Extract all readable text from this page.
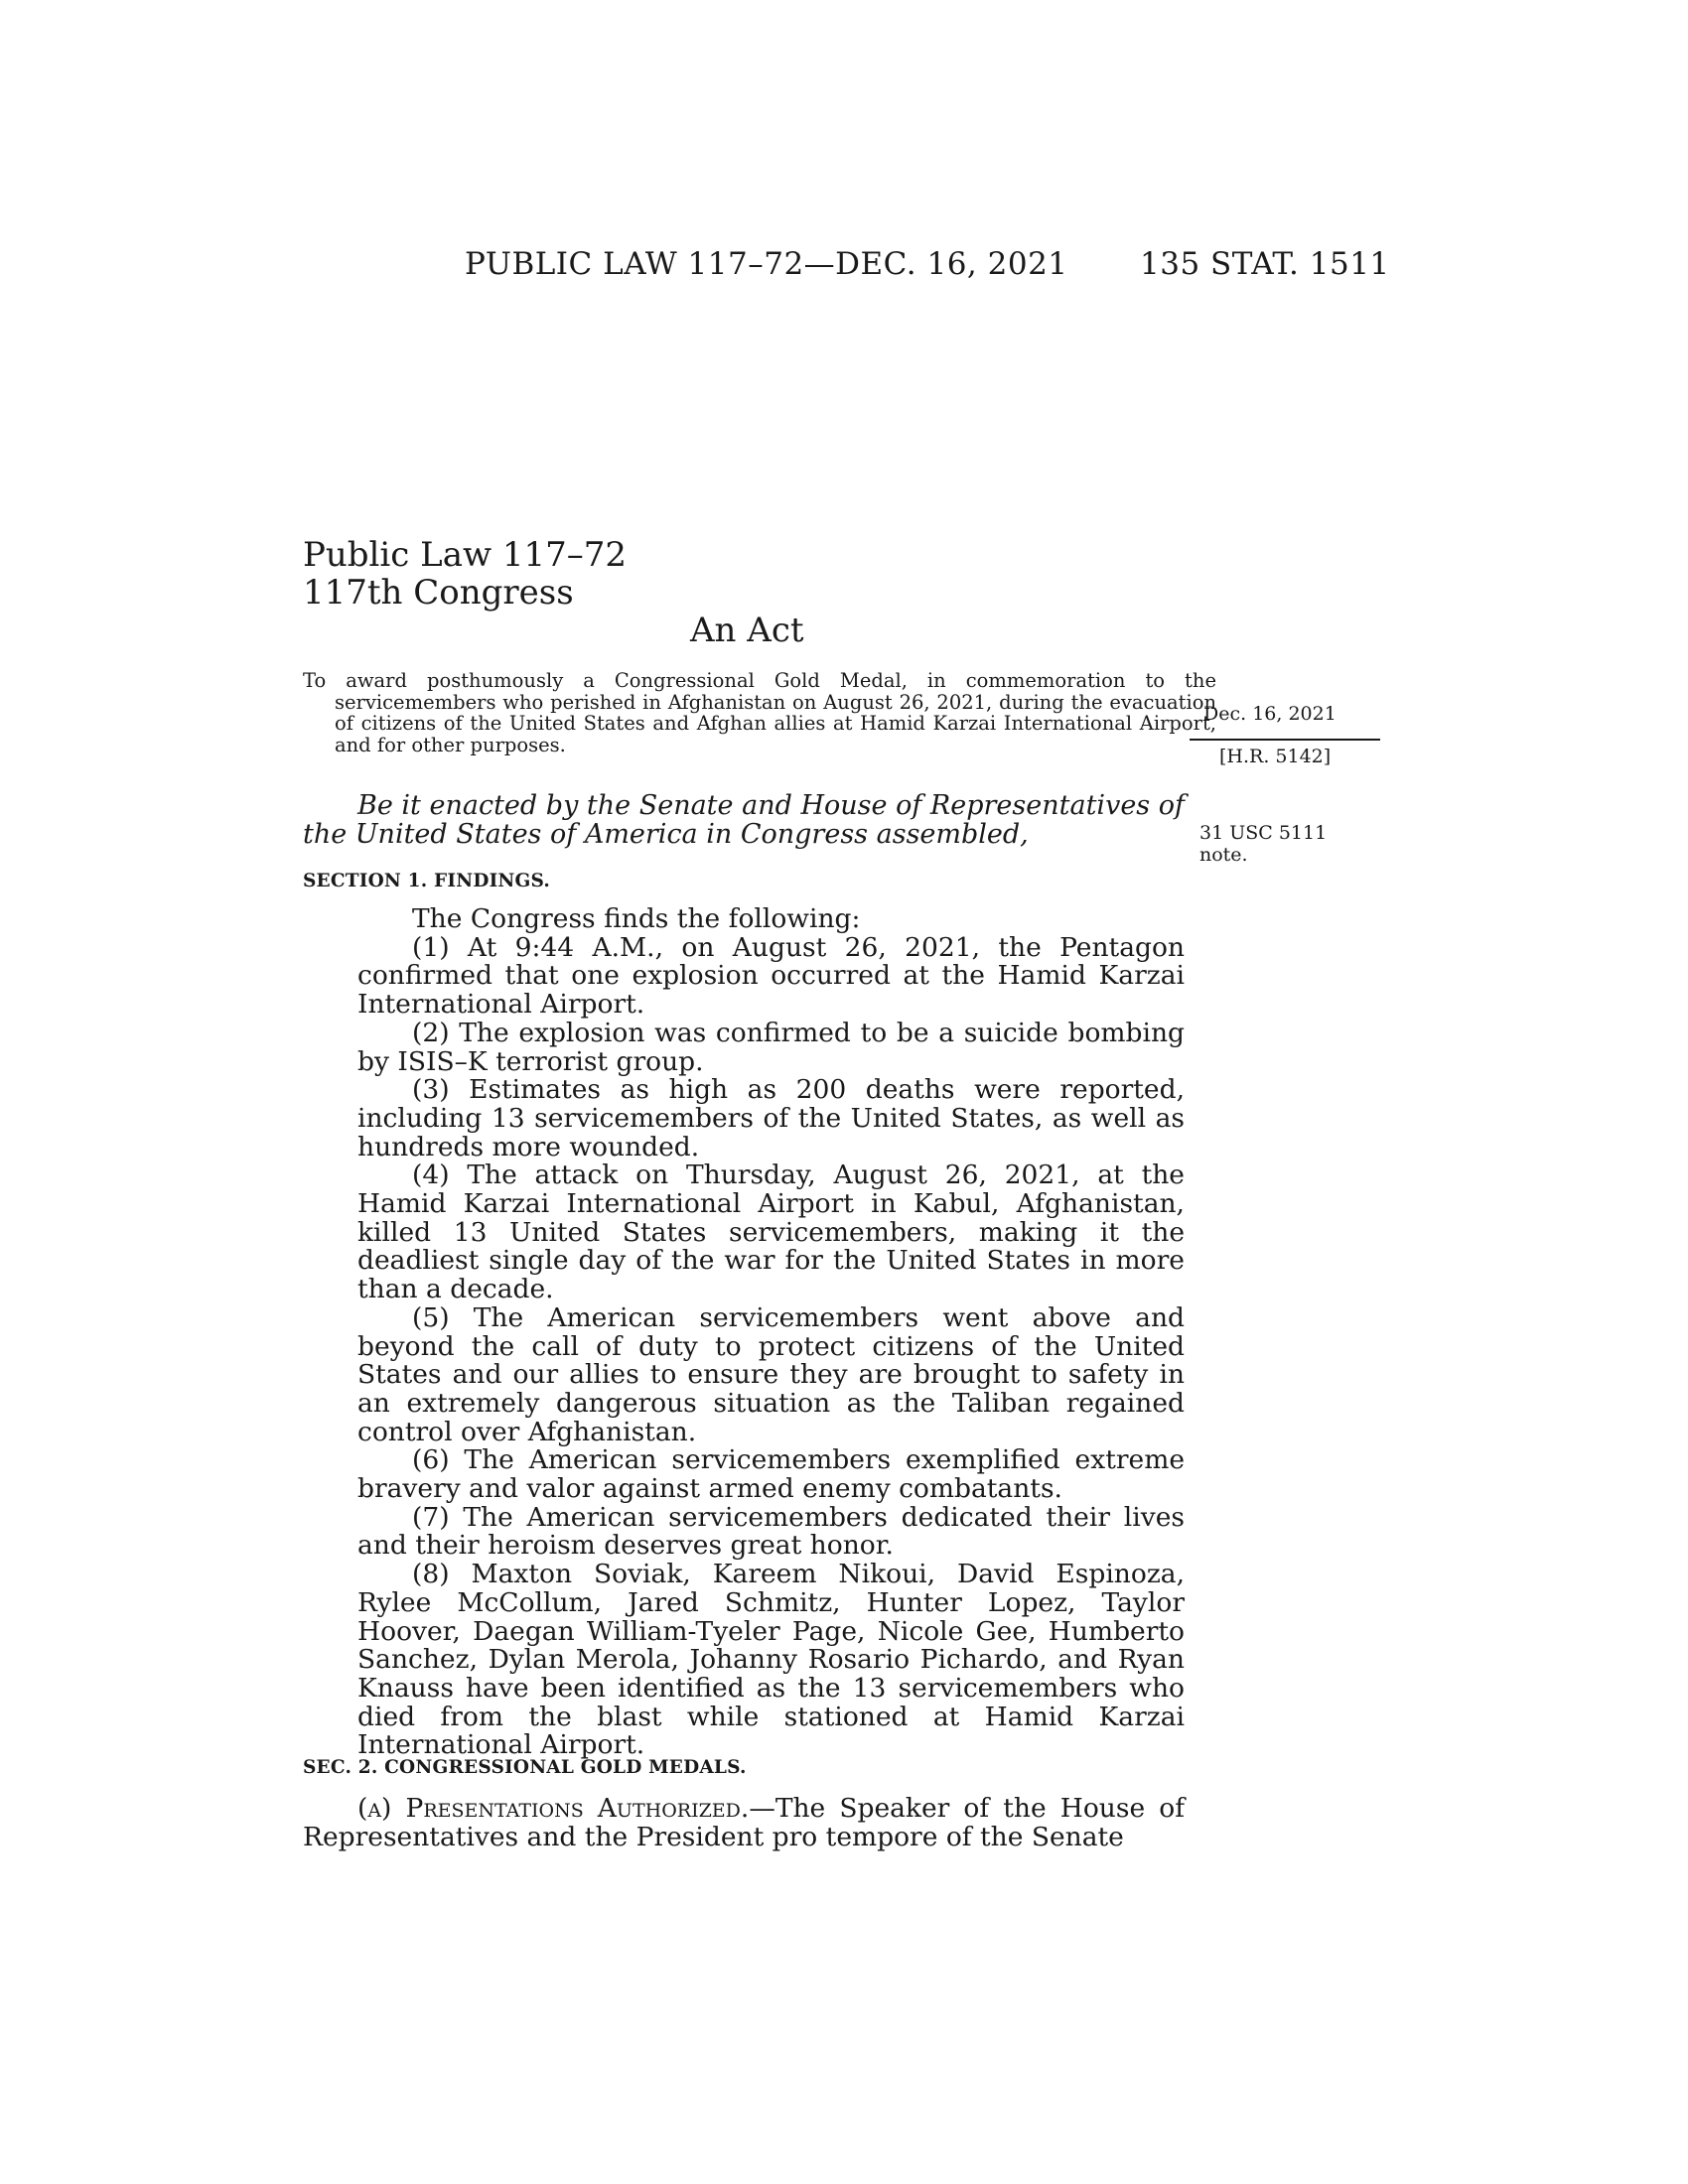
PUBLIC LAW 117–72—DEC. 16, 2021 135 STAT. 1511
Public Law 117–72
117th Congress
An Act
To award posthumously a Congressional Gold Medal, in commemoration to the servicemembers who perished in Afghanistan on August 26, 2021, during the evacuation of citizens of the United States and Afghan allies at Hamid Karzai International Airport, and for other purposes.
Dec. 16, 2021
[H.R. 5142]
Be it enacted by the Senate and House of Representatives of the United States of America in Congress assembled,	31 USC 5111
note.
SECTION 1. FINDINGS.

The Congress finds the following:

(1) At 9:44 A.M., on August 26, 2021, the Pentagon confirmed that one explosion occurred at the Hamid Karzai International Airport.

(2) The explosion was confirmed to be a suicide bombing by ISIS–K terrorist group.

(3) Estimates as high as 200 deaths were reported, including 13 servicemembers of the United States, as well as hundreds more wounded.

(4) The attack on Thursday, August 26, 2021, at the Hamid Karzai International Airport in Kabul, Afghanistan, killed 13 United States servicemembers, making it the deadliest single day of the war for the United States in more than a decade.

(5) The American servicemembers went above and beyond the call of duty to protect citizens of the United States and our allies to ensure they are brought to safety in an extremely dangerous situation as the Taliban regained control over Afghanistan.

(6) The American servicemembers exemplified extreme bravery and valor against armed enemy combatants.

(7) The American servicemembers dedicated their lives and their heroism deserves great honor.

(8) Maxton Soviak, Kareem Nikoui, David Espinoza, Rylee McCollum, Jared Schmitz, Hunter Lopez, Taylor Hoover, Daegan William-Tyeler Page, Nicole Gee, Humberto Sanchez, Dylan Merola, Johanny Rosario Pichardo, and Ryan Knauss have been identified as the 13 servicemembers who died from the blast while stationed at Hamid Karzai International Airport.

SEC. 2. CONGRESSIONAL GOLD MEDALS.
(a) Presentations Authorized.—The Speaker of the House of Representatives and the President pro tempore of the Senate
